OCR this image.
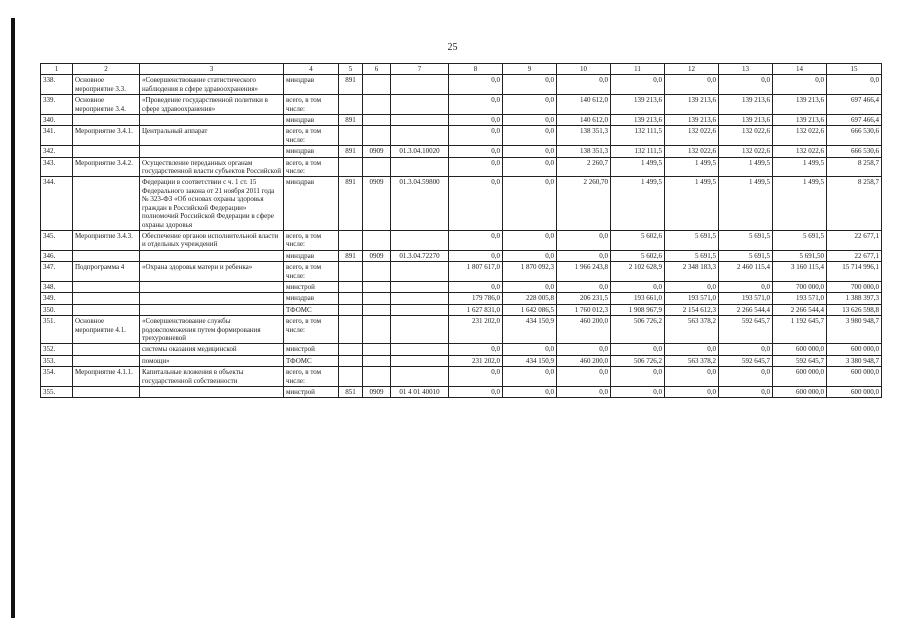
25
1	2	3	4	5	6	7	8	9	10	11	12	13	14	15
338.	Основное мероприятие 3.3.	«Совершенствование статистического наблюдения в сфере здравоохранения»	минздрав	891			0,0	0,0	0,0	0,0	0,0	0,0	0,0	0,0
339.	Основное мероприятие 3.4.	«Проведение государственной политики в сфере здравоохранения»	всего, в том числе:				0,0	0,0	140 612,0	139 213,6	139 213,6	139 213,6	139 213,6	697 466,4
340.			минздрав	891			0,0	0,0	140 612,0	139 213,6	139 213,6	139 213,6	139 213,6	697 466,4
341.	Мероприятие 3.4.1.	Центральный аппарат	всего, в том числе:				0,0	0,0	138 351,3	132 111,5	132 022,6	132 022,6	132 022,6	666 530,6
342.			минздрав	891	0909	01.3.04.10020	0,0	0,0	138 351,3	132 111,5	132 022,6	132 022,6	132 022,6	666 530,6
343.	Мероприятие 3.4.2.	Осуществление переданных органам государственной власти субъектов Российской	всего, в том числе:				0,0	0,0	2 260,7	1 499,5	1 499,5	1 499,5	1 499,5	8 258,7
344.		Федерации в соответствии с ч. 1 ст. 15 Федерального закона от 21 ноября 2011 года № 323-ФЗ «Об основах охраны здоровья граждан в Российской Федерации» полномочий Российской Федерации в сфере охраны здоровья	минздрав	891	0909	01.3.04.59800	0,0	0,0	2 260,70	1 499,5	1 499,5	1 499,5	1 499,5	8 258,7
345.	Мероприятие 3.4.3.	Обеспечение органов исполнительной власти и отдельных учреждений	всего, в том числе:				0,0	0,0	0,0	5 602,6	5 691,5	5 691,5	5 691,5	22 677,1
346.			минздрав	891	0909	01.3.04.72270	0,0	0,0	0,0	5 602,6	5 691,5	5 691,5	5 691,50	22 677,1
347.	Подпрограмма 4	«Охрана здоровья матери и ребенка»	всего, в том числе:				1 807 617,0	1 870 092,3	1 966 243,8	2 102 628,9	2 348 183,3	2 460 115,4	3 160 115,4	15 714 996,1
348.			минстрой				0,0	0,0	0,0	0,0	0,0	0,0	700 000,0	700 000,0
349.			минздрав				179 786,0	228 005,8	206 231,5	193 661,0	193 571,0	193 571,0	193 571,0	1 388 397,3
350.			ТФОМС				1 627 831,0	1 642 086,5	1 760 012,3	1 908 967,9	2 154 612,3	2 266 544,4	2 266 544,4	13 626 598,8
351.	Основное мероприятие 4.1.	«Совершенствование службы родовспоможения путем формирования трехуровневой	всего, в том числе:				231 202,0	434 150,9	460 200,0	506 726,2	563 378,2	592 645,7	1 192 645,7	3 980 948,7
352.		системы оказания медицинской	минстрой				0,0	0,0	0,0	0,0	0,0	0,0	600 000,0	600 000,0
353.		помощи»	ТФОМС				231 202,0	434 150,9	460 200,0	506 726,2	563 378,2	592 645,7	592 645,7	3 380 948,7
354.	Мероприятие 4.1.1.	Капитальные вложения в объекты государственной собственности	всего, в том числе:				0,0	0,0	0,0	0,0	0,0	0,0	600 000,0	600 000,0
355.			минстрой	851	0909	01 4 01 40010	0,0	0,0	0,0	0,0	0,0	0,0	600 000,0	600 000,0
